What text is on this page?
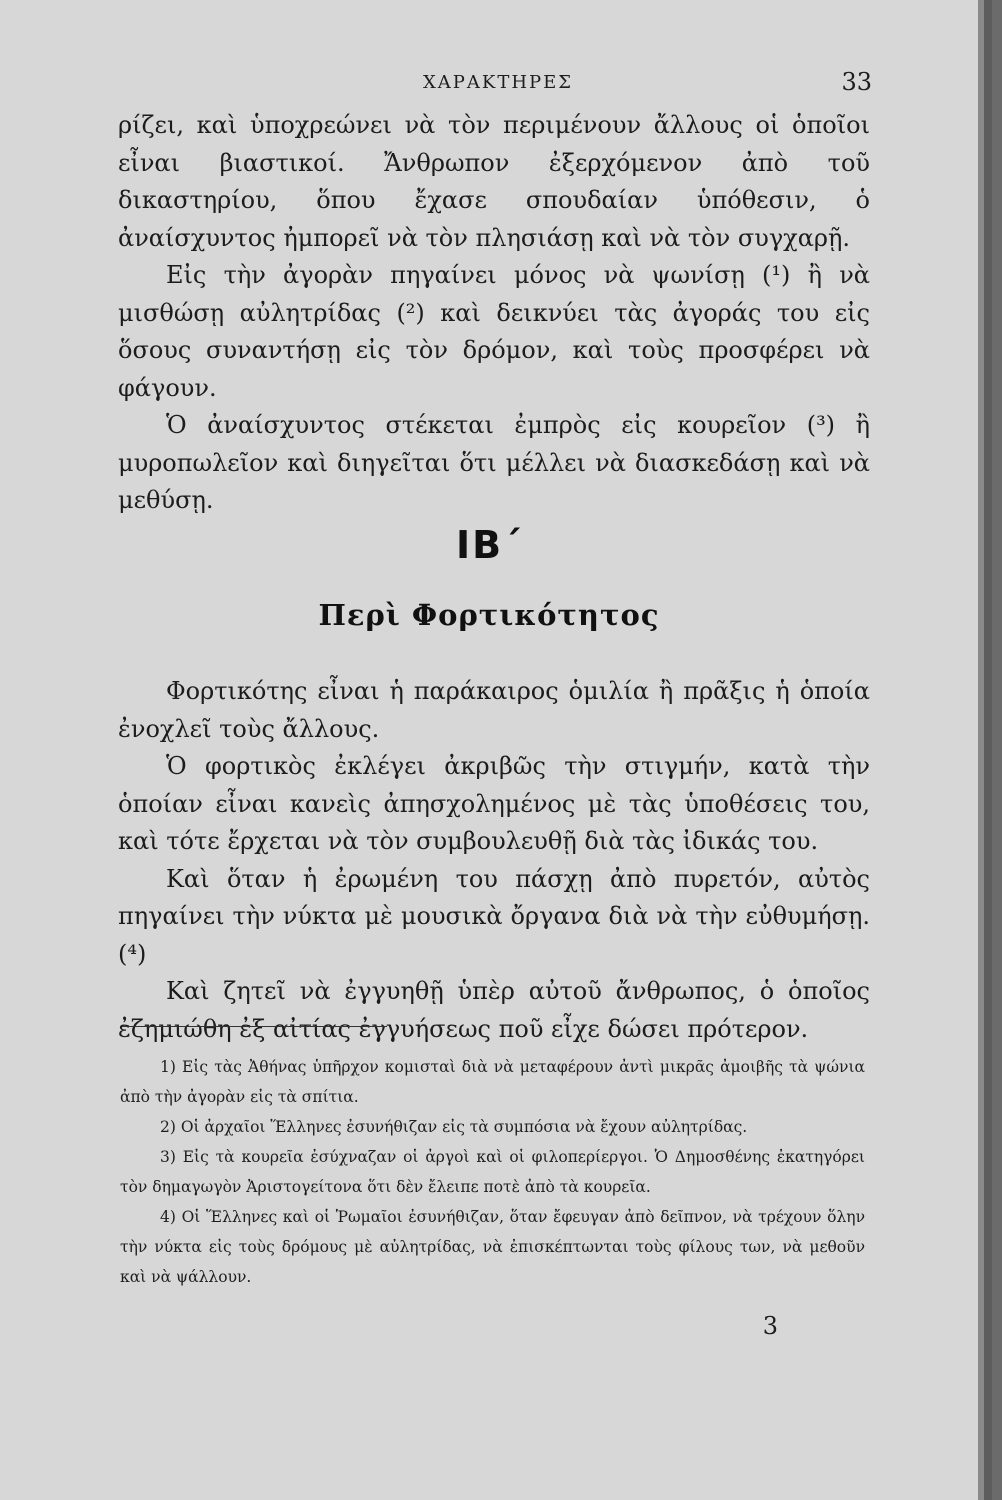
ΧΑΡΑΚΤΗΡΕΣ	33

ρίζει, καὶ ὑποχρεώνει νὰ τὸν περιμένουν ἄλλους οἱ ὁποῖοι εἶναι βιαστικοί. Ἄνθρωπον ἐξερχόμενον ἀπὸ τοῦ δικαστηρίου, ὅπου ἔχασε σπουδαίαν ὑπόθεσιν, ὁ ἀναίσχυντος ἠμπορεῖ νὰ τὸν πλησιάσῃ καὶ νὰ τὸν συγχαρῇ.

Εἰς τὴν ἀγορὰν πηγαίνει μόνος νὰ ψωνίσῃ (¹) ἢ νὰ μισθώσῃ αὐλητρίδας (²) καὶ δεικνύει τὰς ἀγοράς του εἰς ὅσους συναντήσῃ εἰς τὸν δρόμον, καὶ τοὺς προσφέρει νὰ φάγουν.

Ὁ ἀναίσχυντος στέκεται ἐμπρὸς εἰς κουρεῖον (³) ἢ μυροπωλεῖον καὶ διηγεῖται ὅτι μέλλει νὰ διασκεδάσῃ καὶ νὰ μεθύσῃ.

ΙΒ΄
Περὶ Φορτικότητος

Φορτικότης εἶναι ἡ παράκαιρος ὁμιλία ἢ πρᾶξις ἡ ὁποία ἐνοχλεῖ τοὺς ἄλλους.

Ὁ φορτικὸς ἐκλέγει ἀκριβῶς τὴν στιγμήν, κατὰ τὴν ὁποίαν εἶναι κανεὶς ἀπησχολημένος μὲ τὰς ὑποθέσεις του, καὶ τότε ἔρχεται νὰ τὸν συμβουλευθῇ διὰ τὰς ἰδικάς του.

Καὶ ὅταν ἡ ἐρωμένη του πάσχῃ ἀπὸ πυρετόν, αὐτὸς πηγαίνει τὴν νύκτα μὲ μουσικὰ ὄργανα διὰ νὰ τὴν εὐθυμήσῃ. (⁴)

Καὶ ζητεῖ νὰ ἐγγυηθῇ ὑπὲρ αὐτοῦ ἄνθρωπος, ὁ ὁποῖος ἐζημιώθη ἐξ αἰτίας ἐγγυήσεως ποῦ εἶχε δώσει πρότερον.

1) Εἰς τὰς Ἀθήνας ὑπῆρχον κομισταὶ διὰ νὰ μεταφέρουν ἀντὶ μικρᾶς ἀμοιβῆς τὰ ψώνια ἀπὸ τὴν ἀγορὰν εἰς τὰ σπίτια.

2) Οἱ ἀρχαῖοι Ἕλληνες ἐσυνήθιζαν εἰς τὰ συμπόσια νὰ ἔχουν αὐλητρίδας.

3) Εἰς τὰ κουρεῖα ἐσύχναζαν οἱ ἀργοὶ καὶ οἱ φιλοπερίεργοι. Ὁ Δημοσθένης ἐκατηγόρει τὸν δημαγωγὸν Ἀριστογείτονα ὅτι δὲν ἔλειπε ποτὲ ἀπὸ τὰ κουρεῖα.

4) Οἱ Ἕλληνες καὶ οἱ Ῥωμαῖοι ἐσυνήθιζαν, ὅταν ἔφευγαν ἀπὸ δεῖπνον, νὰ τρέχουν ὅλην τὴν νύκτα εἰς τοὺς δρόμους μὲ αὐλητρίδας, νὰ ἐπισκέπτωνται τοὺς φίλους των, νὰ μεθοῦν καὶ νὰ ψάλλουν.

3
